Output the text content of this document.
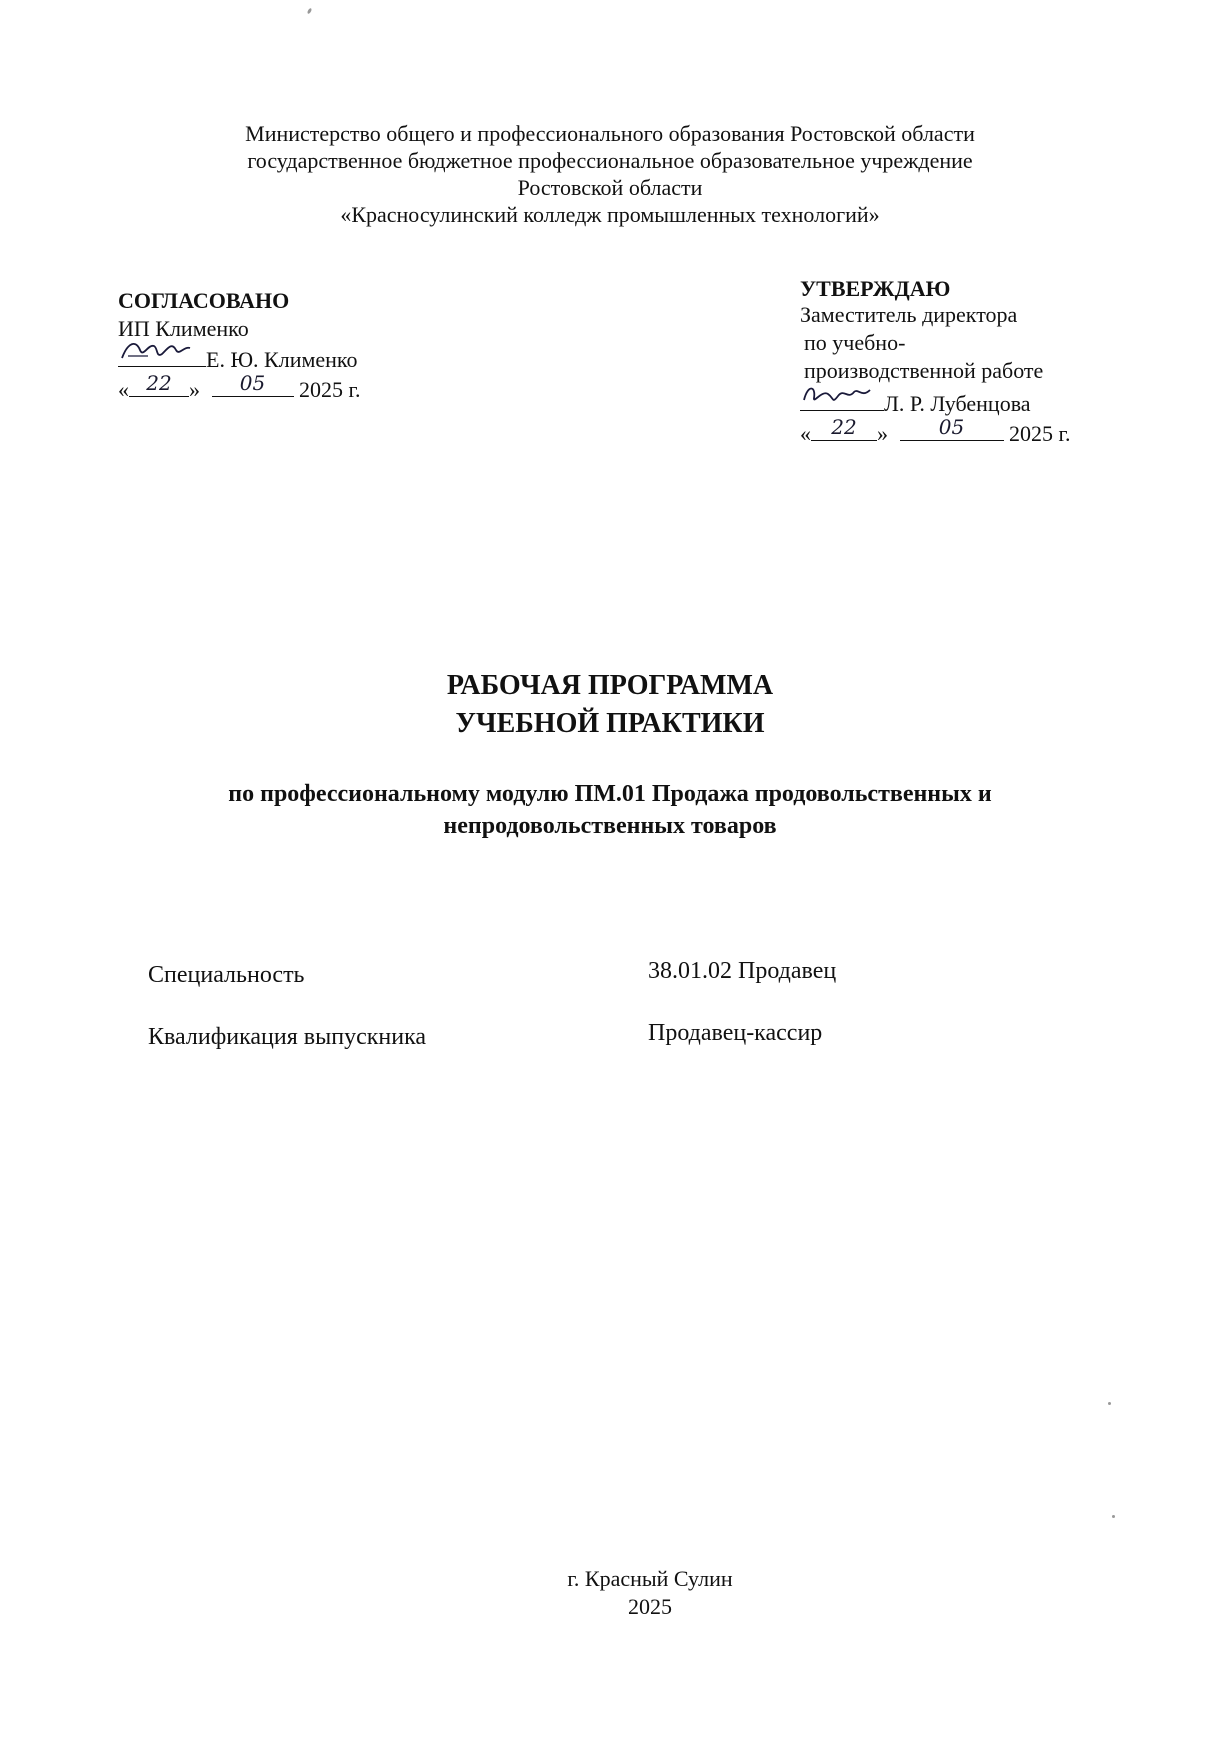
Министерство общего и профессионального образования Ростовской области
государственное бюджетное профессиональное образовательное учреждение
Ростовской области
«Красносулинский колледж промышленных технологий»
СОГЛАСОВАНО
ИП Клименко
Е. Ю. Клименко
« 22 »	05	2025 г.
УТВЕРЖДАЮ
Заместитель директора
по учебно-
производственной работе
Л. Р. Лубенцова
«	22 »	05	2025 г.
РАБОЧАЯ ПРОГРАММА
УЧЕБНОЙ ПРАКТИКИ
по профессиональному модулю ПМ.01 Продажа продовольственных и
непродовольственных товаров
Специальность	38.01.02 Продавец
Квалификация выпускника	Продавец-кассир
г. Красный Сулин
2025
